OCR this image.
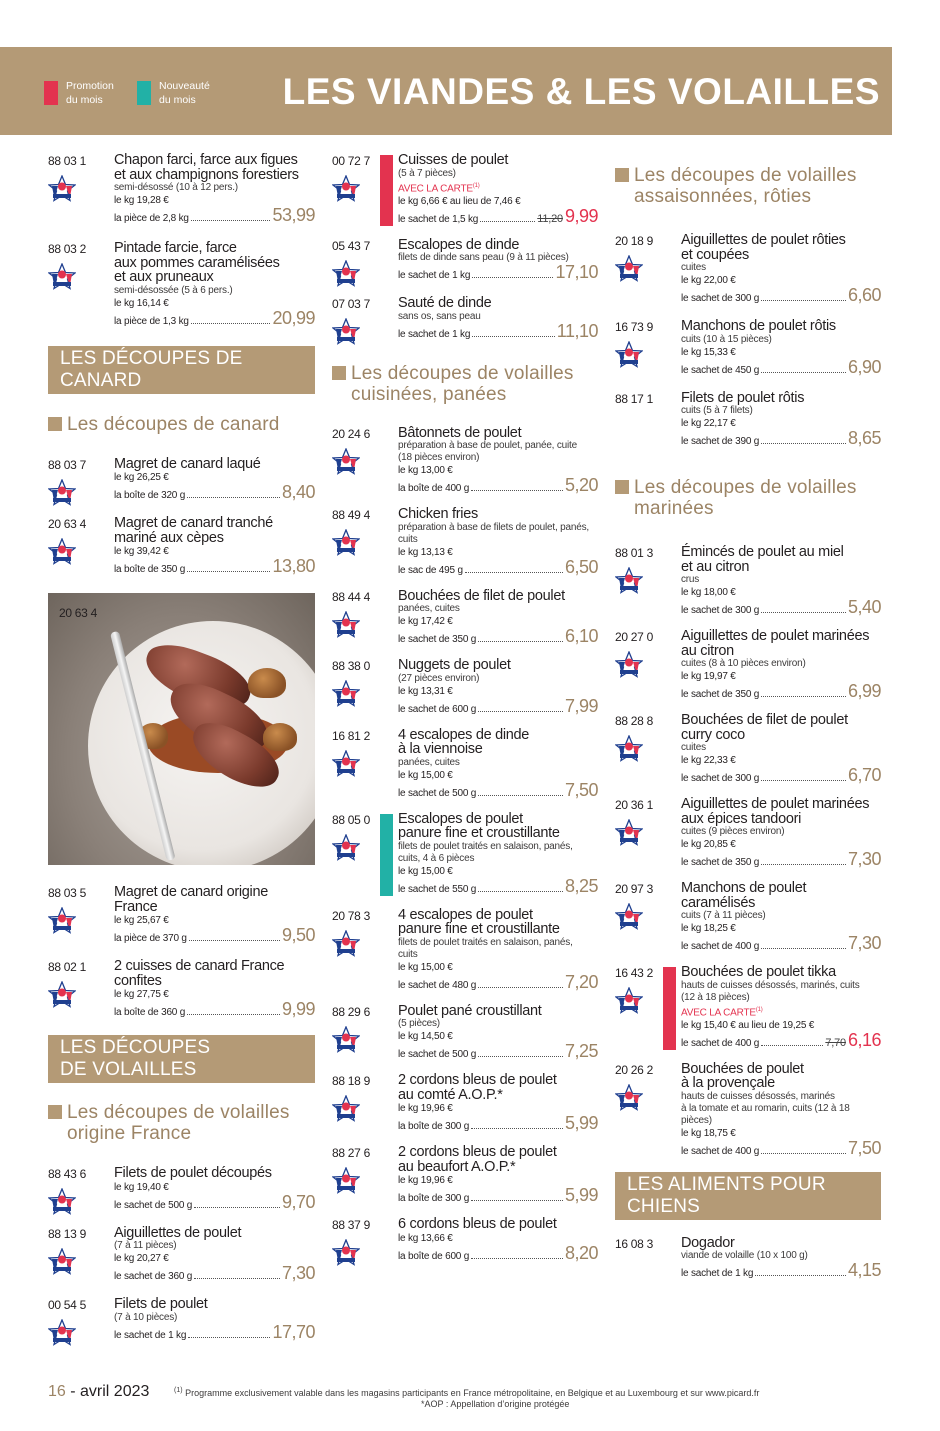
Promotion
du mois
Nouveauté
du mois	LES VIANDES & LES VOLAILLES
88 03 1 Chapon farci, farce aux figues
et aux champignons forestiers
semi-désossé (10 à 12 pers.)
le kg 19,28 €
la pièce de 2,8 kg	53,99
88 03 2 Pintade farcie, farce
aux pommes caramélisées
et aux pruneaux
semi-désossée (5 à 6 pers.)
le kg 16,14 €
la pièce de 1,3 kg	20,99
LES DÉCOUPES DE CANARD
Les découpes de canard
88 03 7 Magret de canard laqué
le kg 26,25 €
la boîte de 320 g	8,40
20 63 4 Magret de canard tranché
mariné aux cèpes
le kg 39,42 €
la boîte de 350 g	13,80
20 63 4
88 03 5 Magret de canard origine France
le kg 25,67 €
la pièce de 370 g	9,50
88 02 1 2 cuisses de canard France
confites
le kg 27,75 €
la boîte de 360 g	9,99
LES DÉCOUPES
DE VOLAILLES
Les découpes de volailles
origine France
88 43 6 Filets de poulet découpés
le kg 19,40 €
le sachet de 500 g	9,70
88 13 9 Aiguillettes de poulet
(7 à 11 pièces)
le kg 20,27 €
le sachet de 360 g	7,30
00 54 5 Filets de poulet
(7 à 10 pièces)
le sachet de 1 kg	17,70
00 72 7 Cuisses de poulet
(5 à 7 pièces)
AVEC LA CARTE$^{(1)}$
le kg 6,66 € au lieu de 7,46 €
le sachet de 1,5 kg	11,20 9,99
05 43 7 Escalopes de dinde
filets de dinde sans peau (9 à 11 pièces)
le sachet de 1 kg	17,10
07 03 7 Sauté de dinde
sans os, sans peau
le sachet de 1 kg	11,10
Les découpes de volailles
cuisinées, panées
20 24 6 Bâtonnets de poulet
préparation à base de poulet, panée, cuite
(18 pièces environ)
le kg 13,00 €
la boîte de 400 g	5,20
88 49 4 Chicken fries
préparation à base de filets de poulet, panés,
cuits
le kg 13,13 €
le sac de 495 g	6,50
88 44 4 Bouchées de filet de poulet
panées, cuites
le kg 17,42 €
le sachet de 350 g	6,10
88 38 0 Nuggets de poulet
(27 pièces environ)
le kg 13,31 €
le sachet de 600 g	7,99
16 81 2 4 escalopes de dinde
à la viennoise
panées, cuites
le kg 15,00 €
le sachet de 500 g	7,50
88 05 0 Escalopes de poulet
panure fine et croustillante
filets de poulet traités en salaison, panés,
cuits, 4 à 6 pièces
le kg 15,00 €
le sachet de 550 g	8,25
20 78 3 4 escalopes de poulet
panure fine et croustillante
filets de poulet traités en salaison, panés,
cuits
le kg 15,00 €
le sachet de 480 g	7,20
88 29 6 Poulet pané croustillant
(5 pièces)
le kg 14,50 €
le sachet de 500 g	7,25
88 18 9 2 cordons bleus de poulet
au comté A.O.P.*
le kg 19,96 €
la boîte de 300 g	5,99
88 27 6 2 cordons bleus de poulet
au beaufort A.O.P.*
le kg 19,96 €
la boîte de 300 g	5,99
88 37 9 6 cordons bleus de poulet
le kg 13,66 €
la boîte de 600 g	8,20
Les découpes de volailles
assaisonnées, rôties
20 18 9 Aiguillettes de poulet rôties
et coupées
cuites
le kg 22,00 €
le sachet de 300 g	6,60
16 73 9 Manchons de poulet rôtis
cuits (10 à 15 pièces)
le kg 15,33 €
le sachet de 450 g	6,90
88 17 1 Filets de poulet rôtis
cuits (5 à 7 filets)
le kg 22,17 €
le sachet de 390 g	8,65
Les découpes de volailles
marinées
88 01 3 Émincés de poulet au miel
et au citron
crus
le kg 18,00 €
le sachet de 300 g	5,40
20 27 0 Aiguillettes de poulet marinées
au citron
cuites (8 à 10 pièces environ)
le kg 19,97 €
le sachet de 350 g	6,99
88 28 8 Bouchées de filet de poulet
curry coco
cuites
le kg 22,33 €
le sachet de 300 g	6,70
20 36 1 Aiguillettes de poulet marinées
aux épices tandoori
cuites (9 pièces environ)
le kg 20,85 €
le sachet de 350 g	7,30
20 97 3 Manchons de poulet
caramélisés
cuits (7 à 11 pièces)
le kg 18,25 €
le sachet de 400 g	7,30
16 43 2 Bouchées de poulet tikka
hauts de cuisses désossés, marinés, cuits
(12 à 18 pièces)
AVEC LA CARTE$^{(1)}$
le kg 15,40 € au lieu de 19,25 €
le sachet de 400 g	7,70 6,16
20 26 2 Bouchées de poulet
à la provençale
hauts de cuisses désossés, marinés
à la tomate et au romarin, cuits (12 à 18 pièces)
le kg 18,75 €
le sachet de 400 g	7,50
LES ALIMENTS POUR CHIENS
16 08 3 Dogador
viande de volaille (10 x 100 g)
le sachet de 1 kg	4,15
16 - avril 2023	$^{(1)}$ Programme exclusivement valable dans les magasins participants en France métropolitaine, en Belgique et au Luxembourg et sur www.picard.fr
*AOP : Appellation d’origine protégée
